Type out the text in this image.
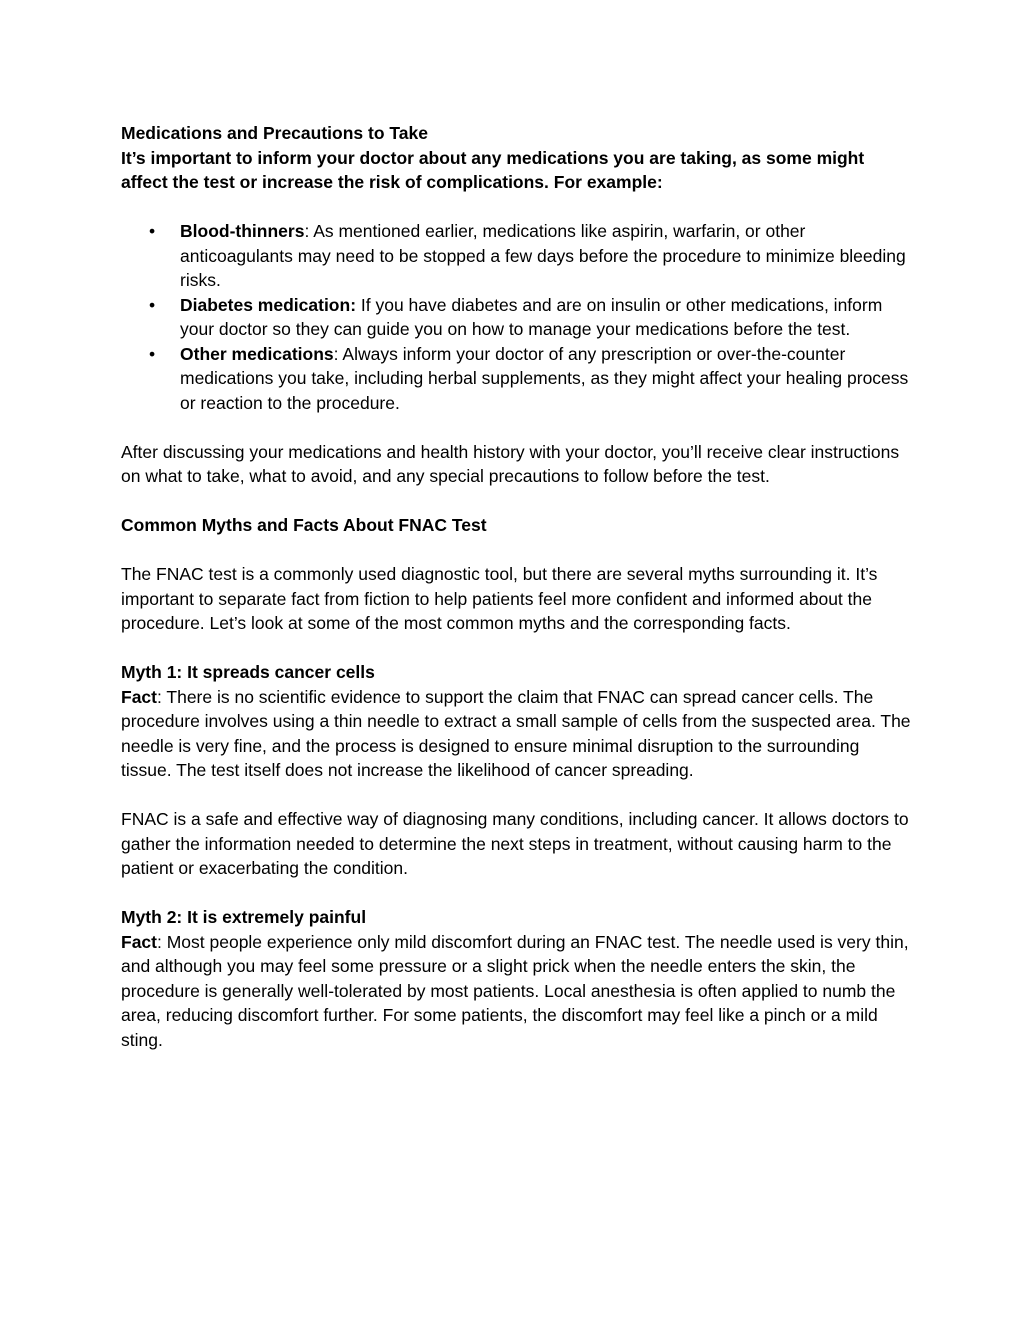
Medications and Precautions to Take

It’s important to inform your doctor about any medications you are taking, as some might affect the test or increase the risk of complications. For example:

• Blood-thinners: As mentioned earlier, medications like aspirin, warfarin, or other anticoagulants may need to be stopped a few days before the procedure to minimize bleeding risks.
• Diabetes medication: If you have diabetes and are on insulin or other medications, inform your doctor so they can guide you on how to manage your medications before the test.
• Other medications: Always inform your doctor of any prescription or over-the-counter medications you take, including herbal supplements, as they might affect your healing process or reaction to the procedure.

After discussing your medications and health history with your doctor, you’ll receive clear instructions on what to take, what to avoid, and any special precautions to follow before the test.

Common Myths and Facts About FNAC Test

The FNAC test is a commonly used diagnostic tool, but there are several myths surrounding it. It’s important to separate fact from fiction to help patients feel more confident and informed about the procedure. Let’s look at some of the most common myths and the corresponding facts.

Myth 1: It spreads cancer cells

Fact: There is no scientific evidence to support the claim that FNAC can spread cancer cells. The procedure involves using a thin needle to extract a small sample of cells from the suspected area. The needle is very fine, and the process is designed to ensure minimal disruption to the surrounding tissue. The test itself does not increase the likelihood of cancer spreading.

FNAC is a safe and effective way of diagnosing many conditions, including cancer. It allows doctors to gather the information needed to determine the next steps in treatment, without causing harm to the patient or exacerbating the condition.

Myth 2: It is extremely painful

Fact: Most people experience only mild discomfort during an FNAC test. The needle used is very thin, and although you may feel some pressure or a slight prick when the needle enters the skin, the procedure is generally well-tolerated by most patients. Local anesthesia is often applied to numb the area, reducing discomfort further. For some patients, the discomfort may feel like a pinch or a mild sting.
